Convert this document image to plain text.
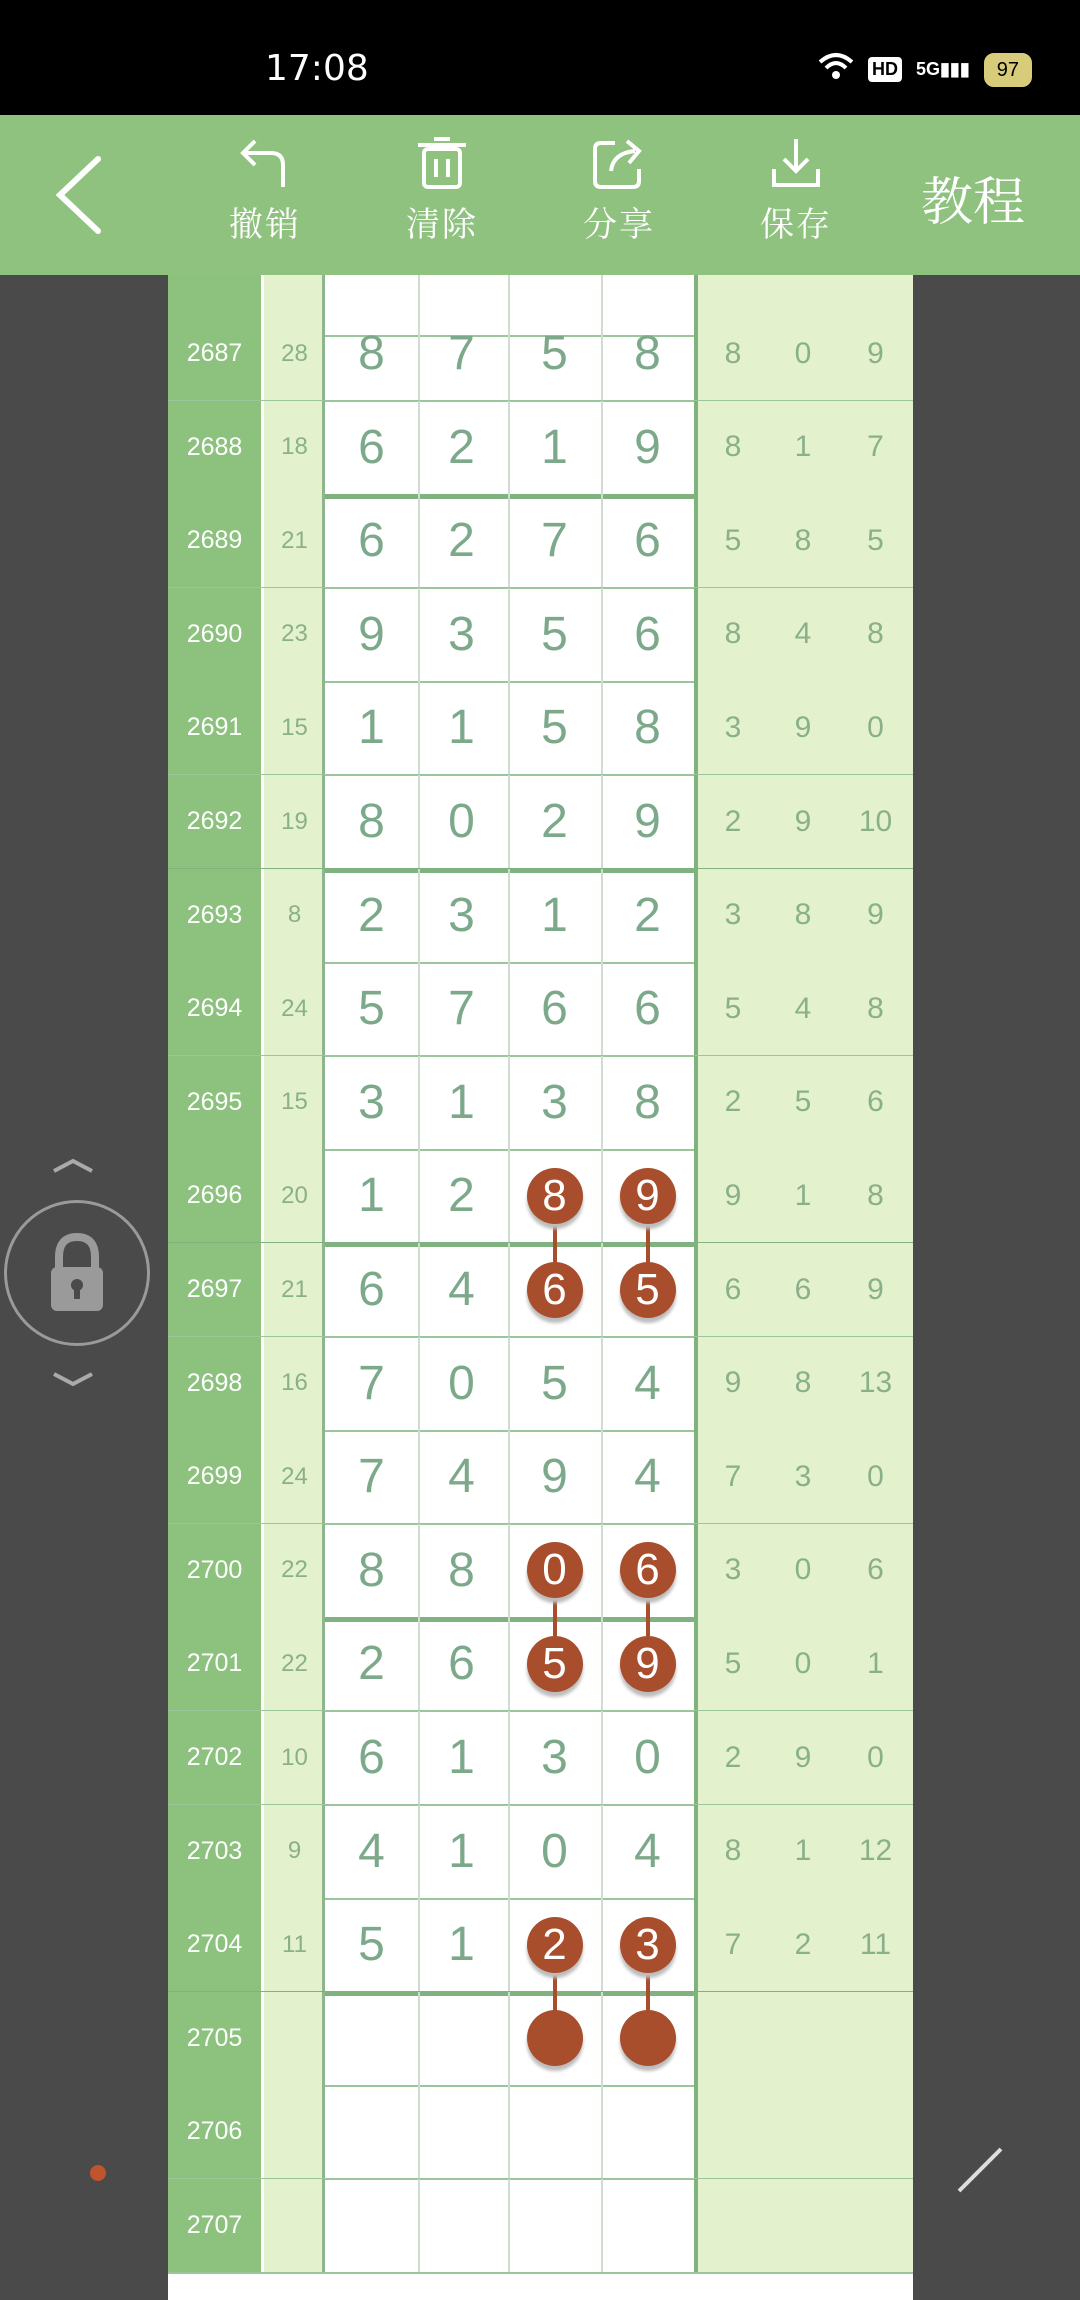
17:08	HD 5G▮▮▮	97
撤销	清除	分享	保存	教程
2687 28 8 7 5 8 8 0 9
2688 18 6 2 1 9 8 1 7
2689 21 6 2 7 6 5 8 5
2690 23 9 3 5 6 8 4 8
2691 15 1 1 5 8 3 9 0
2692 19 8 0 2 9 2 9 10
2693 8 2 3 1 2 3 8 9
2694 24 5 7 6 6 5 4 8
2695 15 3 1 3 8 2 5 6
2696 20 1 2	8	9	9 1 8
2697 21 6 4	6	5	6 6 9
2698 16 7 0 5 4 9 8 13
2699 24 7 4 9 4 7 3 0
2700 22 8 8	0	6	3 0 6
2701 22 2 6	5	9	5 0 1
2702 10 6 1 3 0 2 9 0
2703 9 4 1 0 4 8 1 12
2704 11 5 1	2	3	7 2 11
2705
2706
2707
